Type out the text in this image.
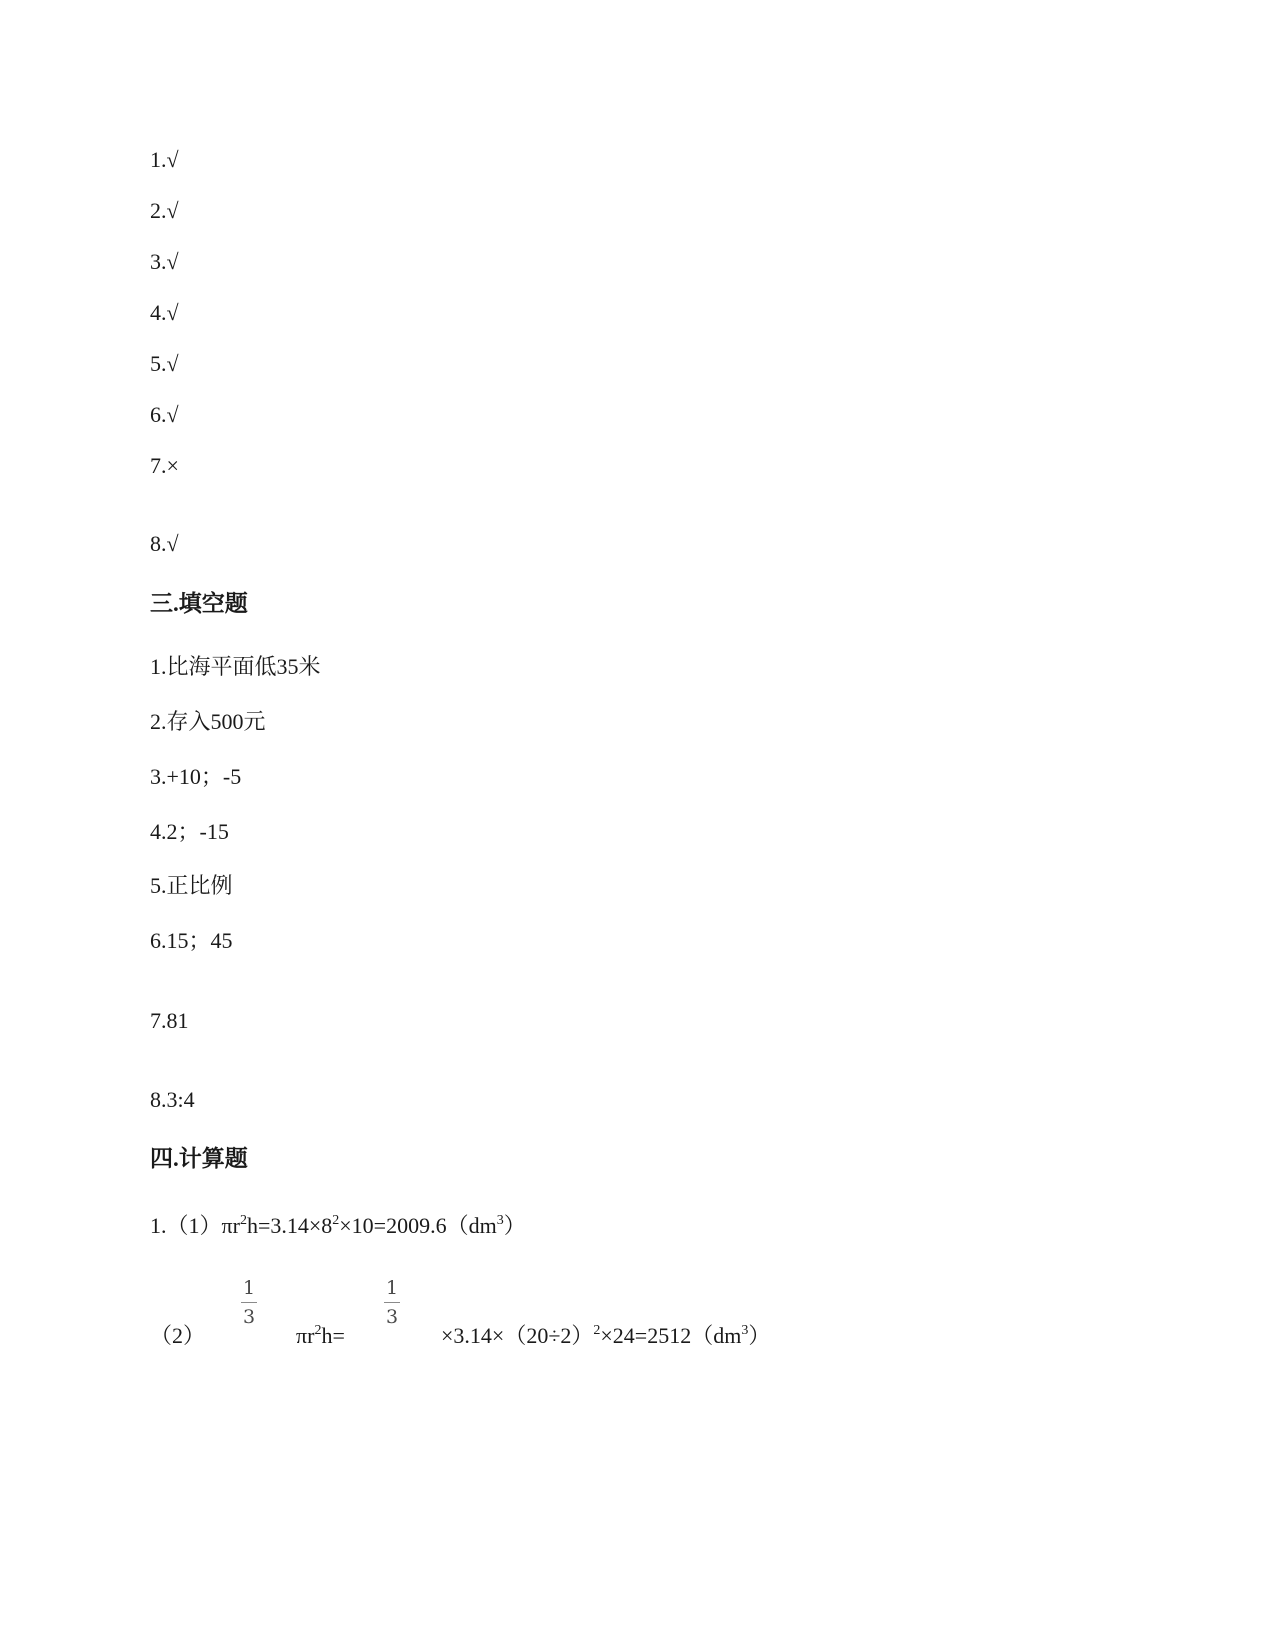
1.√
2.√
3.√
4.√
5.√
6.√
7.×
8.√
三.填空题
1.比海平面低35米
2.存入500元
3.+10；-5
4.2；-15
5.正比例
6.15；45
7.81
8.3:4
四.计算题
$1.(1)\pi r^2h=3.14\times 8^2\times 10=2009.6(dm^3)$
（2）
1
3
$\pi r^2h=$
1
3
$\times 3.14\times(20\div 2)^2\times 24=2512(dm^3)$
